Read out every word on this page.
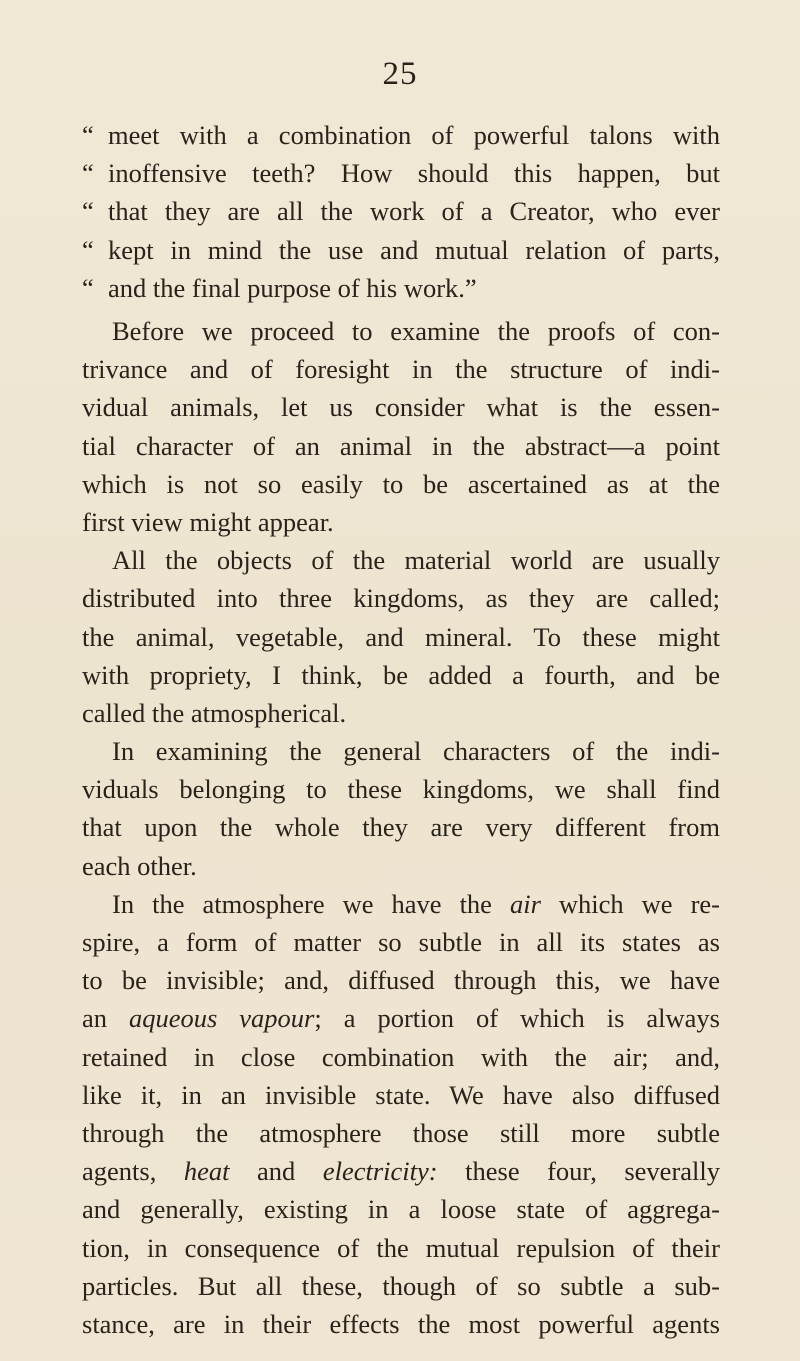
25
“ meet with a combination of powerful talons with
“ inoffensive teeth? How should this happen, but
“ that they are all the work of a Creator, who ever
“ kept in mind the use and mutual relation of parts,
“ and the final purpose of his work.”
Before we proceed to examine the proofs of con-
trivance and of foresight in the structure of indi-
vidual animals, let us consider what is the essen-
tial character of an animal in the abstract—a point
which is not so easily to be ascertained as at the
first view might appear.
All the objects of the material world are usually
distributed into three kingdoms, as they are called;
the animal, vegetable, and mineral. To these might
with propriety, I think, be added a fourth, and be
called the atmospherical.
In examining the general characters of the indi-
viduals belonging to these kingdoms, we shall find
that upon the whole they are very different from
each other.
In the atmosphere we have the air which we re-
spire, a form of matter so subtle in all its states as
to be invisible; and, diffused through this, we have
an aqueous vapour; a portion of which is always
retained in close combination with the air; and,
like it, in an invisible state. We have also diffused
through the atmosphere those still more subtle
agents, heat and electricity: these four, severally
and generally, existing in a loose state of aggrega-
tion, in consequence of the mutual repulsion of their
particles. But all these, though of so subtle a sub-
stance, are in their effects the most powerful agents
